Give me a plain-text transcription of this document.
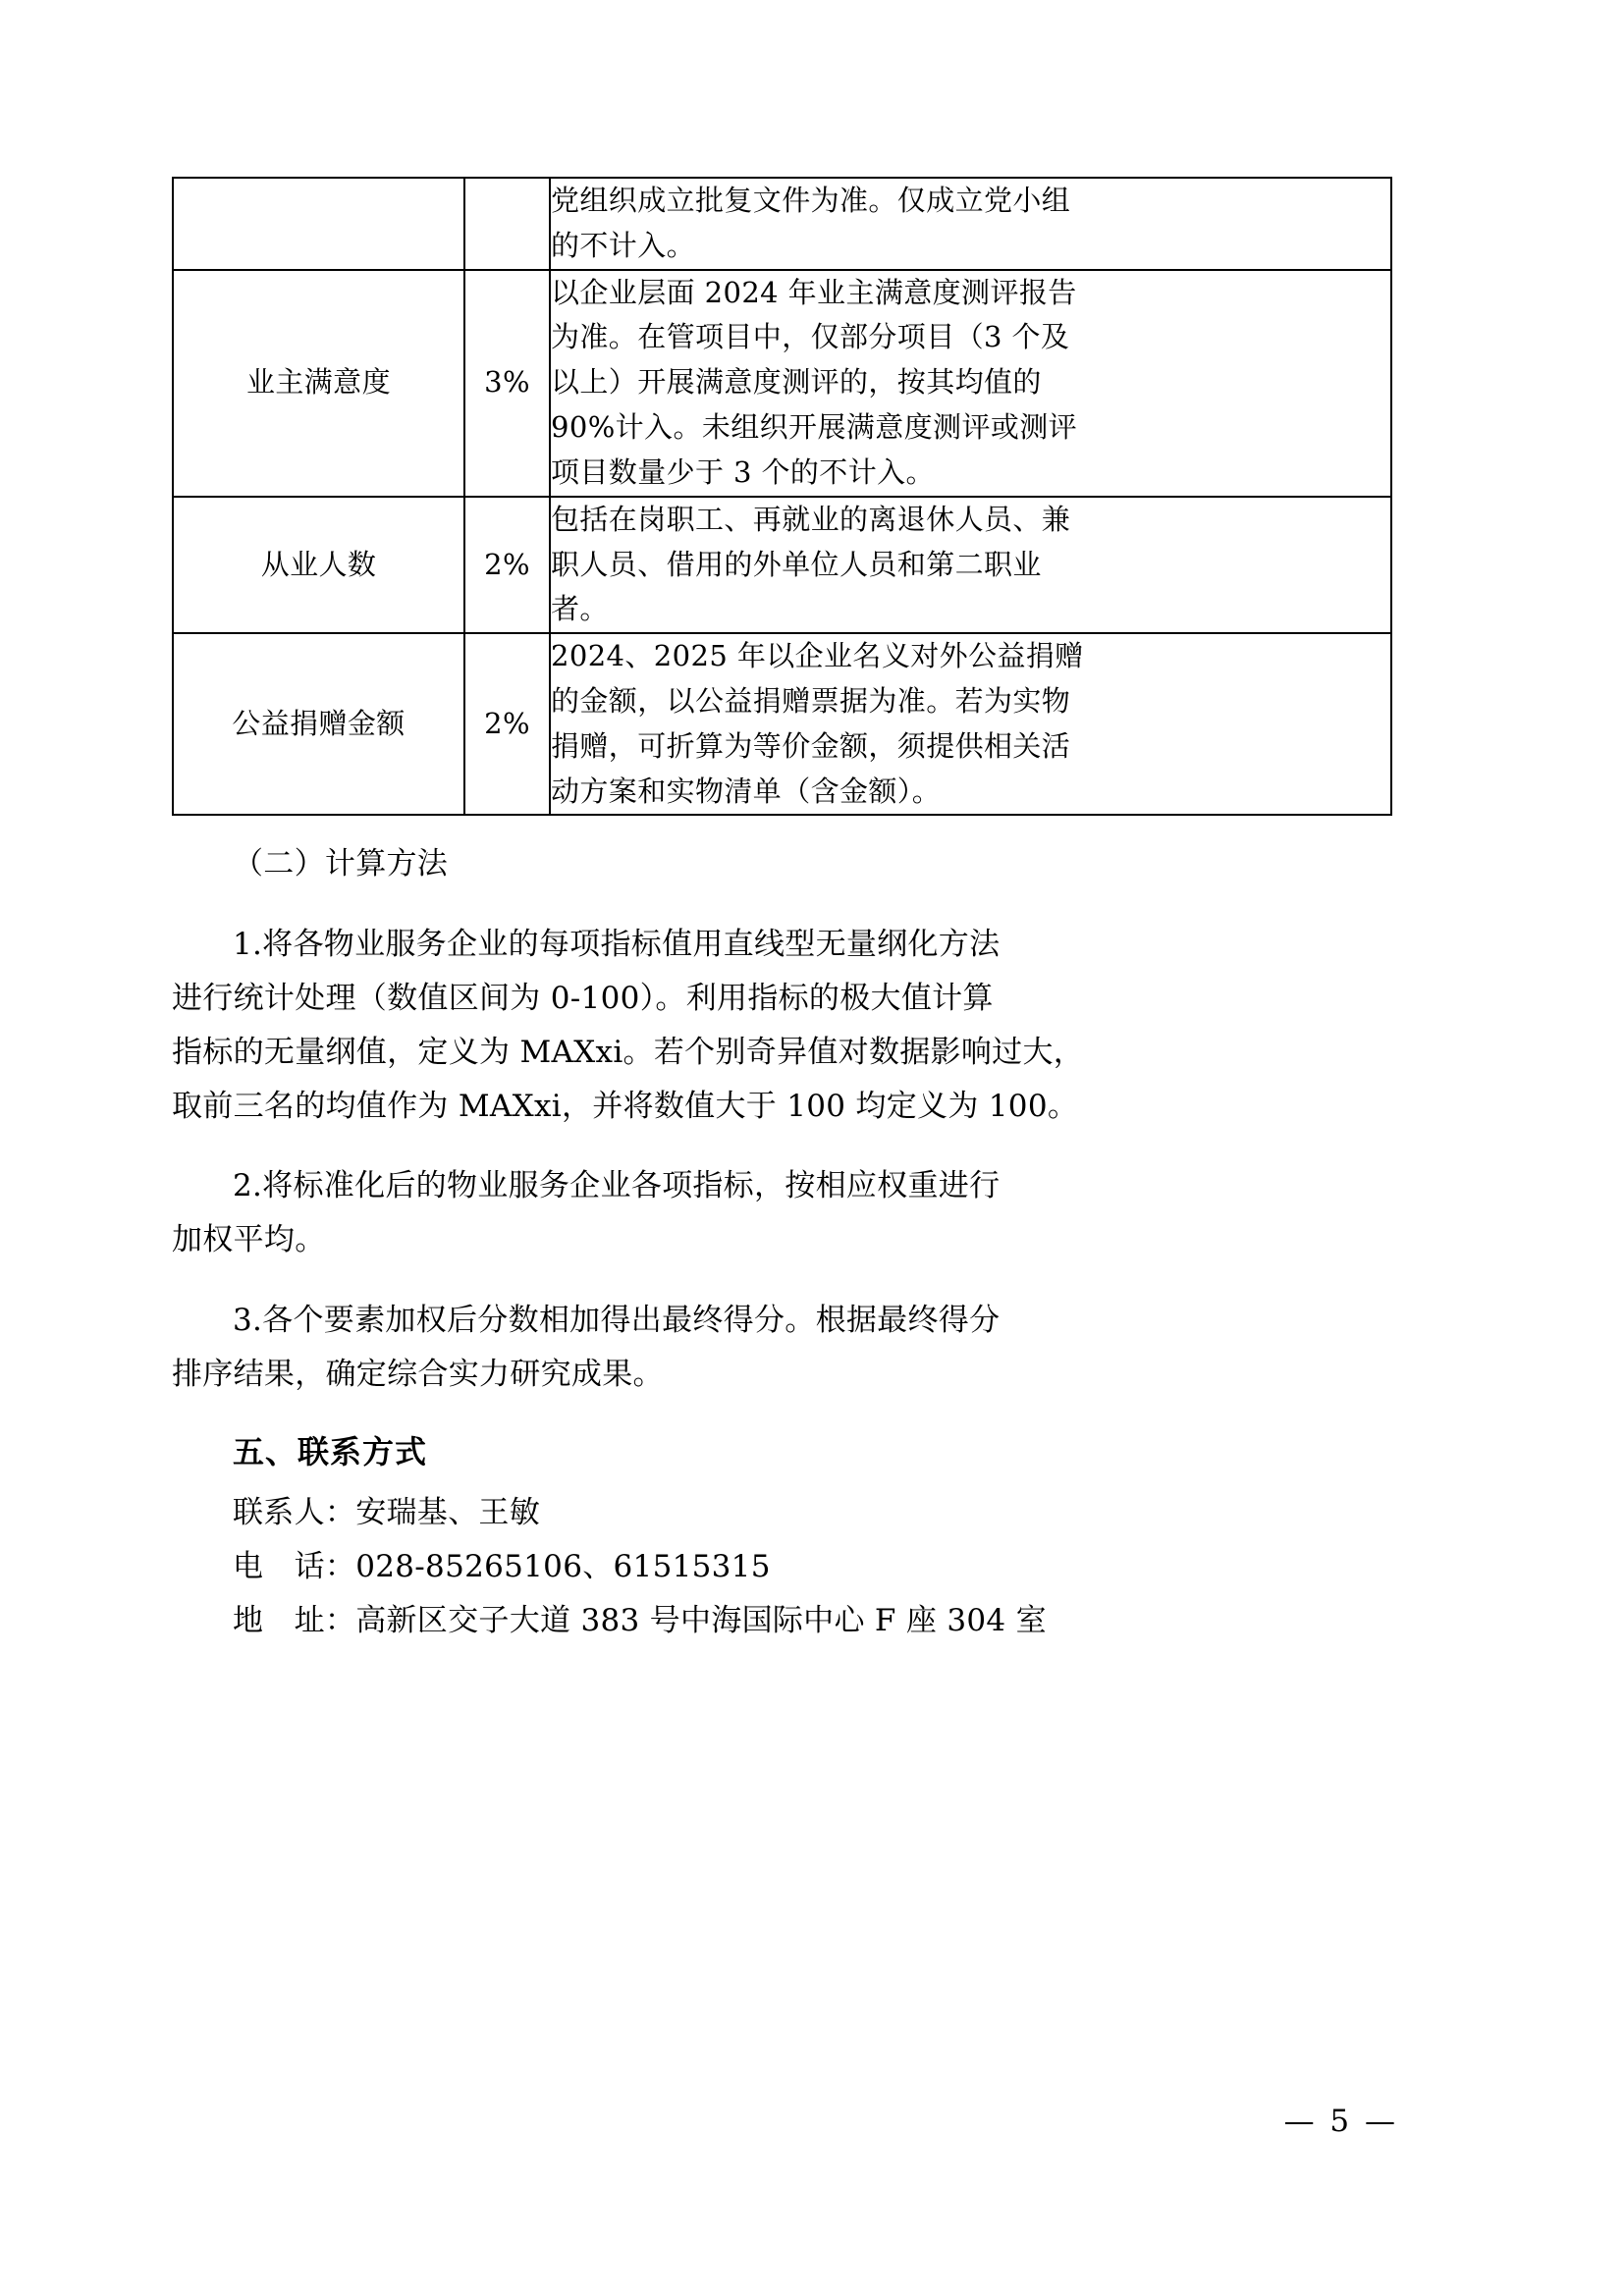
		党组织成立批复文件为准。仅成立党小组
的不计入。

业主满意度	3%	以企业层面 2024 年业主满意度测评报告
为准。在管项目中，仅部分项目（3 个及
以上）开展满意度测评的，按其均值的
90%计入。未组织开展满意度测评或测评
项目数量少于 3 个的不计入。

从业人数	2%	包括在岗职工、再就业的离退休人员、兼
职人员、借用的外单位人员和第二职业
者。

公益捐赠金额	2%	2024、2025 年以企业名义对外公益捐赠
的金额，以公益捐赠票据为准。若为实物
捐赠，可折算为等价金额，须提供相关活
动方案和实物清单（含金额）。

（二）计算方法

1.将各物业服务企业的每项指标值用直线型无量纲化方法

进行统计处理（数值区间为 0-100）。利用指标的极大值计算

指标的无量纲值，定义为 MAXxi。若个别奇异值对数据影响过大，

取前三名的均值作为 MAXxi，并将数值大于 100 均定义为 100。

2.将标准化后的物业服务企业各项指标，按相应权重进行

加权平均。

3.各个要素加权后分数相加得出最终得分。根据最终得分

排序结果，确定综合实力研究成果。

五、联系方式

联系人：安瑞基、王敏

电　话：028-85265106、61515315

地　址：高新区交子大道 383 号中海国际中心 F 座 304 室

— 5 —
